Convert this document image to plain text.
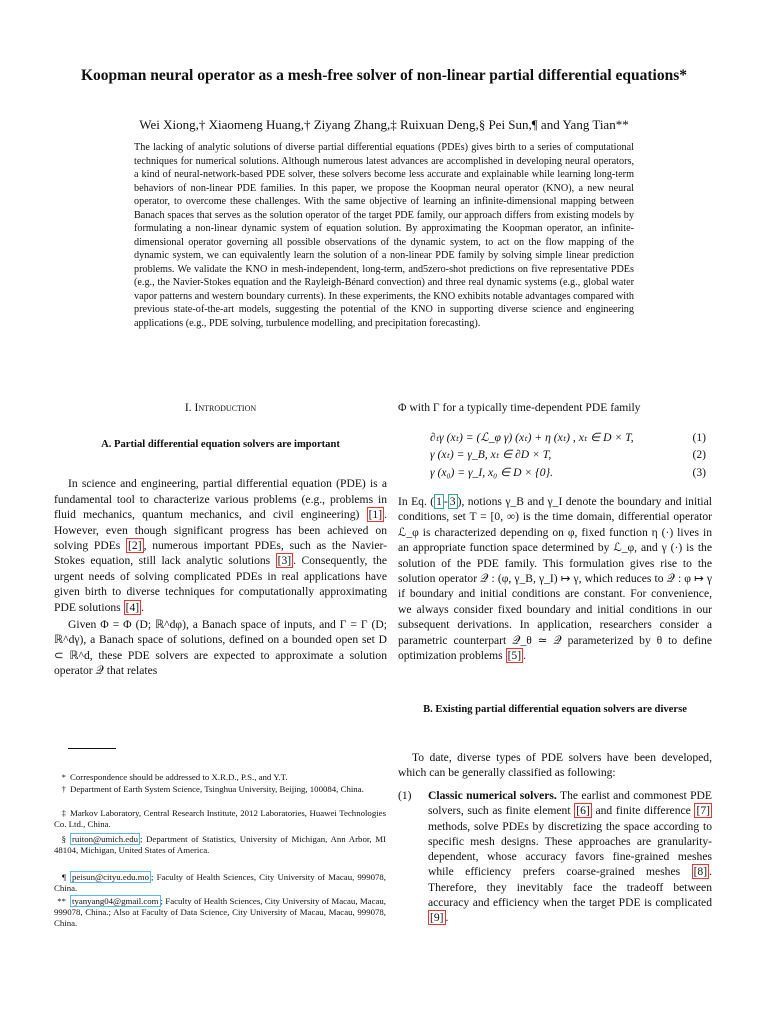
Koopman neural operator as a mesh-free solver of non-linear partial differential equations*
Wei Xiong,† Xiaomeng Huang,† Ziyang Zhang,‡ Ruixuan Deng,§ Pei Sun,¶ and Yang Tian**
The lacking of analytic solutions of diverse partial differential equations (PDEs) gives birth to a series of computational techniques for numerical solutions. Although numerous latest advances are accomplished in developing neural operators, a kind of neural-network-based PDE solver, these solvers become less accurate and explainable while learning long-term behaviors of non-linear PDE families. In this paper, we propose the Koopman neural operator (KNO), a new neural operator, to overcome these challenges. With the same objective of learning an infinite-dimensional mapping between Banach spaces that serves as the solution operator of the target PDE family, our approach differs from existing models by formulating a non-linear dynamic system of equation solution. By approximating the Koopman operator, an infinite-dimensional operator governing all possible observations of the dynamic system, to act on the flow mapping of the dynamic system, we can equivalently learn the solution of a non-linear PDE family by solving simple linear prediction problems. We validate the KNO in mesh-independent, long-term, and5zero-shot predictions on five representative PDEs (e.g., the Navier-Stokes equation and the Rayleigh-Bénard convection) and three real dynamic systems (e.g., global water vapor patterns and western boundary currents). In these experiments, the KNO exhibits notable advantages compared with previous state-of-the-art models, suggesting the potential of the KNO in supporting diverse science and engineering applications (e.g., PDE solving, turbulence modelling, and precipitation forecasting).
I. Introduction
A. Partial differential equation solvers are important

In science and engineering, partial differential equation (PDE) is a fundamental tool to characterize various problems (e.g., problems in fluid mechanics, quantum mechanics, and civil engineering) [1] . However, even though significant progress has been achieved on solving PDEs [2] , numerous important PDEs, such as the Navier-Stokes equation, still lack analytic solutions [3] . Consequently, the urgent needs of solving complicated PDEs in real applications have given birth to diverse techniques for computationally approximating PDE solutions [4] .

Given Φ = Φ (D; ℝ^dφ), a Banach space of inputs, and Γ = Γ (D; ℝ^dγ), a Banach space of solutions, defined on a bounded open set D ⊂ ℝ^d, these PDE solvers are expected to approximate a solution operator 𝒬 that relates

* Correspondence should be addressed to X.R.D., P.S., and Y.T.
† Department of Earth System Science, Tsinghua University, Beijing, 100084, China.
‡ Markov Laboratory, Central Research Institute, 2012 Laboratories, Huawei Technologies Co. Ltd., China.
§ ruiton@umich.edu ; Department of Statistics, University of Michigan, Ann Arbor, MI 48104, Michigan, United States of America.
¶ peisun@cityu.edu.mo ; Faculty of Health Sciences, City University of Macau, 999078, China.
** tyanyang04@gmail.com ; Faculty of Health Sciences, City University of Macau, Macau, 999078, China.; Also at Faculty of Data Science, City University of Macau, Macau, 999078, China.
Φ with Γ for a typically time-dependent PDE family
∂ₜγ (xₜ) = (ℒ_φ γ) (xₜ) + η (xₜ) , xₜ ∈ D × T,	(1)
γ (xₜ) = γ_B, xₜ ∈ ∂D × T,	(2)
γ (x₀) = γ_I, x₀ ∈ D × {0}.	(3)
In Eq. ( 1 - 3 ), notions γ_B and γ_I denote the boundary and initial conditions, set T = [0, ∞) is the time domain, differential operator ℒ_φ is characterized depending on φ, fixed function η (·) lives in an appropriate function space determined by ℒ_φ, and γ (·) is the solution of the PDE family. This formulation gives rise to the solution operator 𝒬 : (φ, γ_B, γ_I) ↦ γ, which reduces to 𝒬 : φ ↦ γ if boundary and initial conditions are constant. For convenience, we always consider fixed boundary and initial conditions in our subsequent derivations. In application, researchers consider a parametric counterpart 𝒬_θ ≃ 𝒬 parameterized by θ to define optimization problems [5] .
B. Existing partial differential equation solvers are diverse

To date, diverse types of PDE solvers have been developed, which can be generally classified as following:

(1) Classic numerical solvers. The earlist and commonest PDE solvers, such as finite element [6] and finite difference [7] methods, solve PDEs by discretizing the space according to specific mesh designs. These approaches are granularity-dependent, whose accuracy favors fine-grained meshes while efficiency prefers coarse-grained meshes [8] . Therefore, they inevitably face the tradeoff between accuracy and efficiency when the target PDE is complicated [9] .
